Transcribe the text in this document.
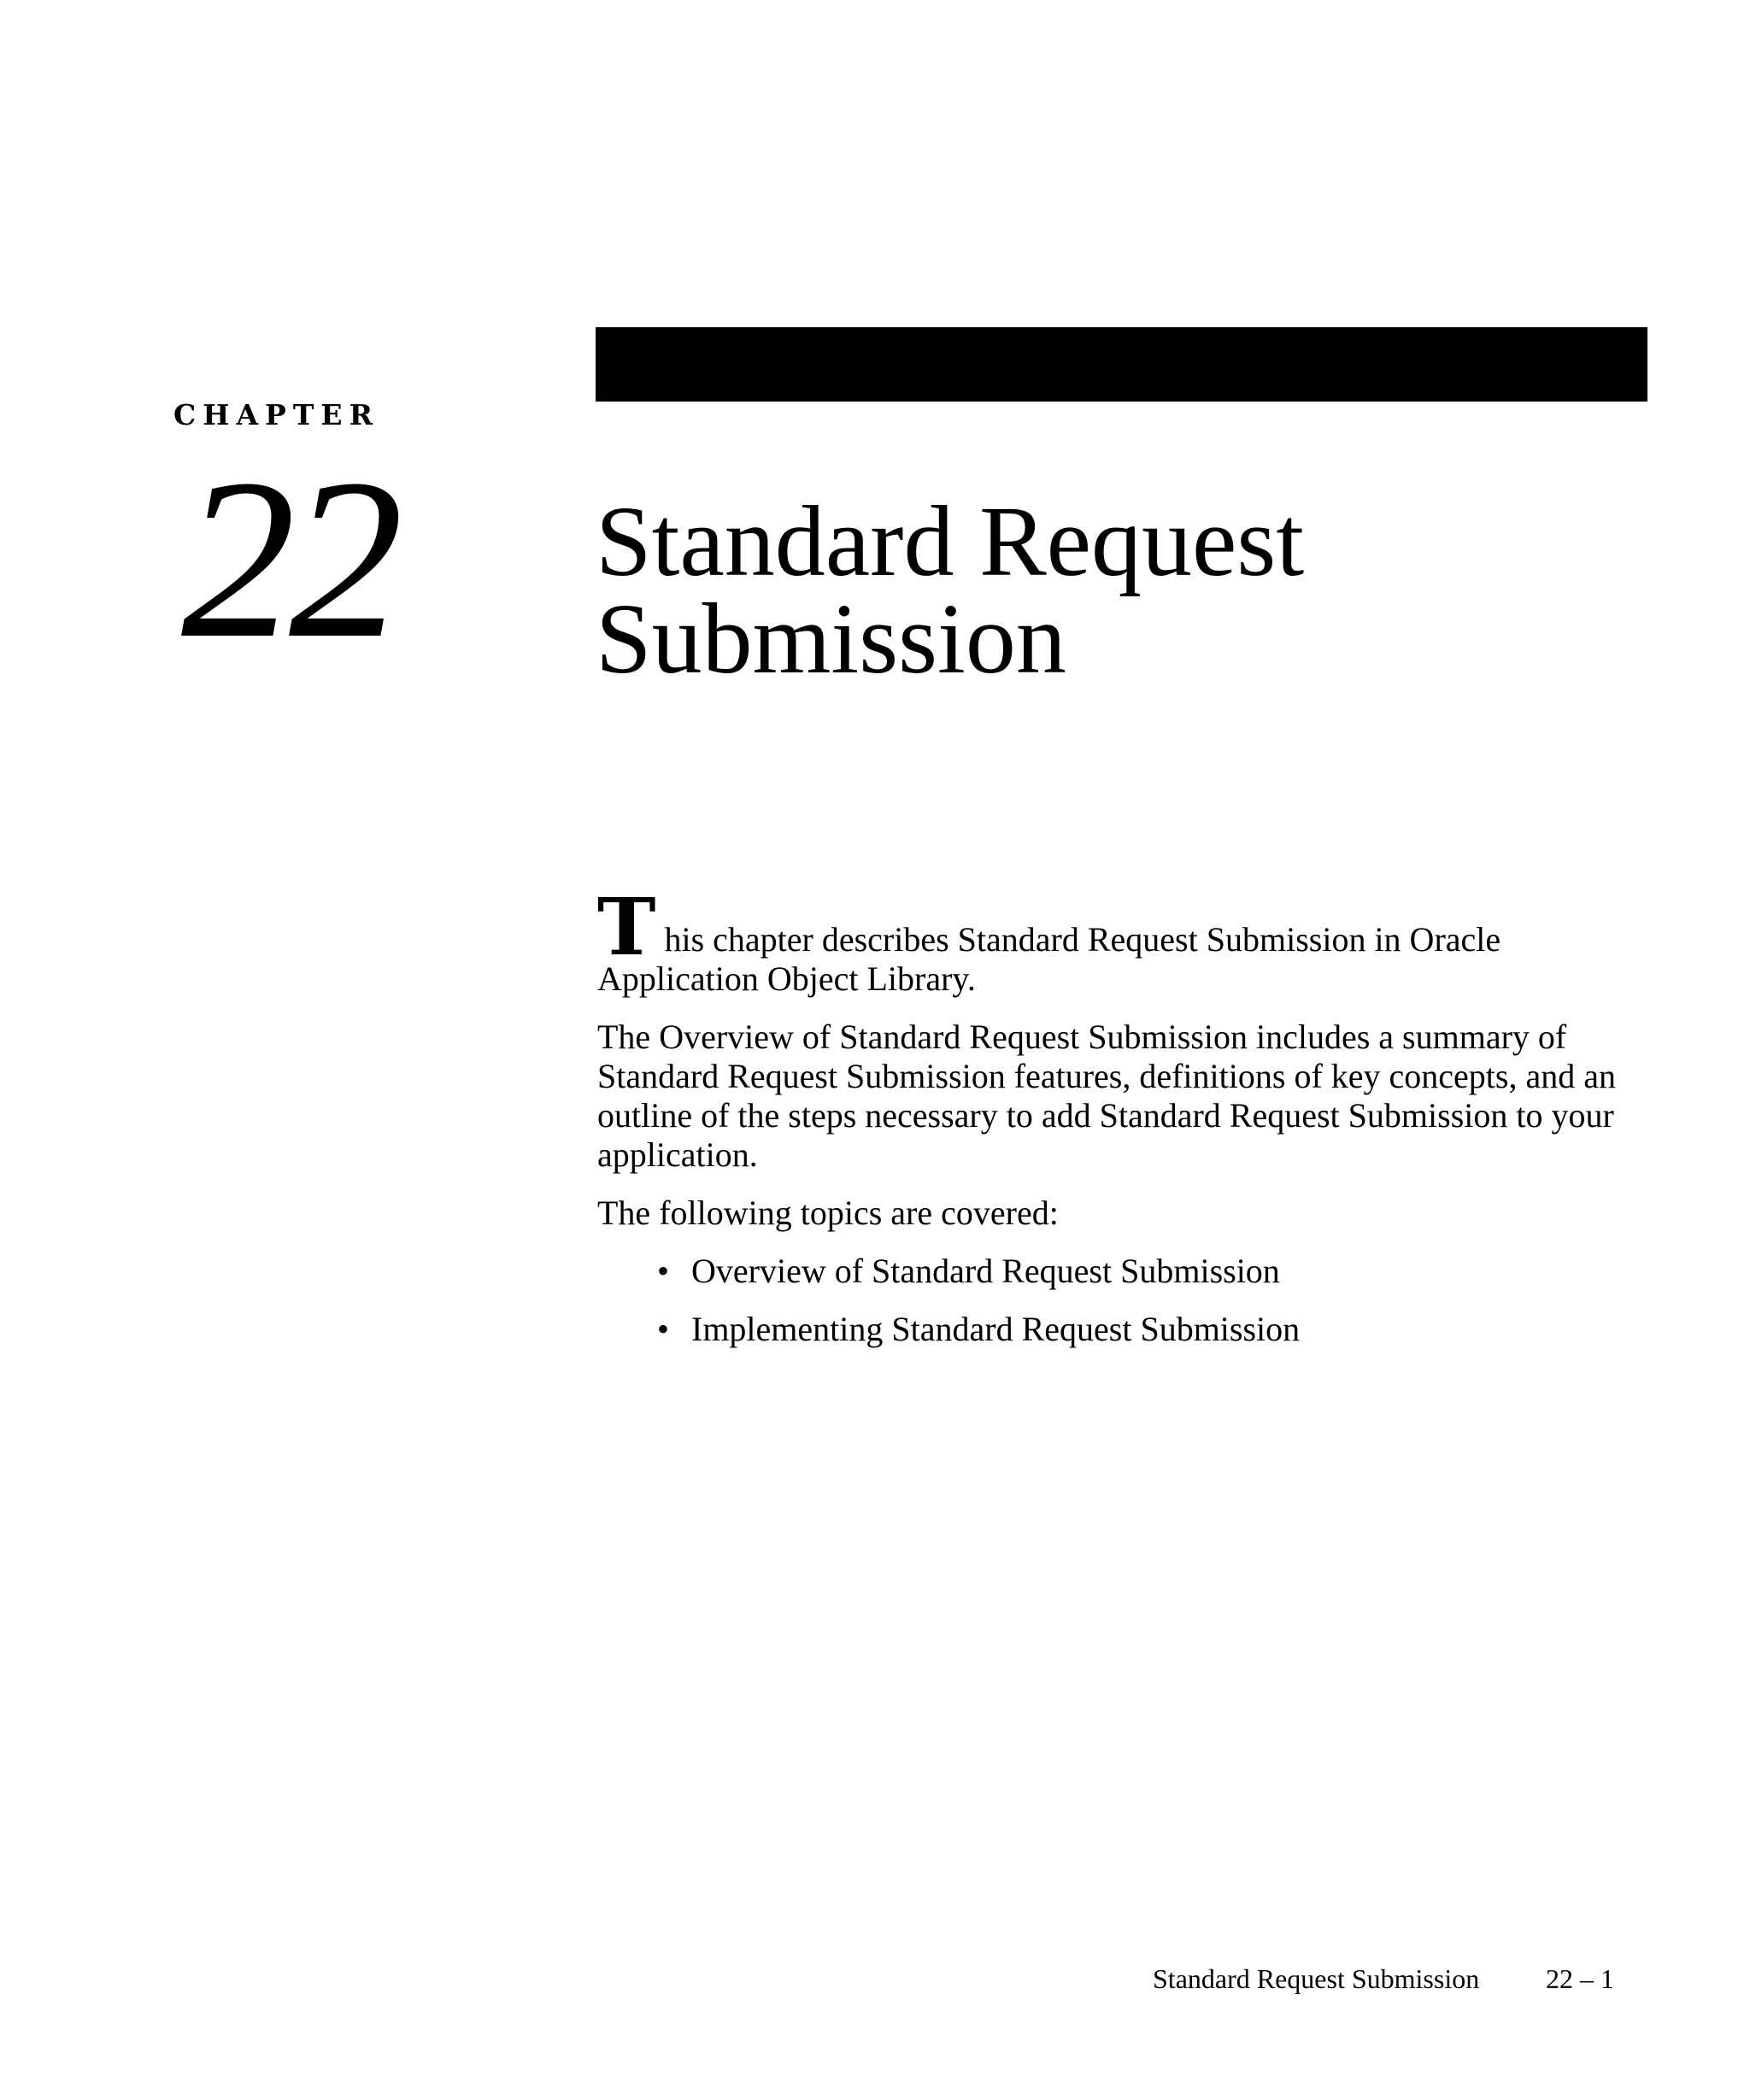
CHAPTER
22 Standard Request
Submission

This chapter describes Standard Request Submission in Oracle Application Object Library.

The Overview of Standard Request Submission includes a summary of Standard Request Submission features, definitions of key concepts, and an outline of the steps necessary to add Standard Request Submission to your application.

The following topics are covered:

• Overview of Standard Request Submission
• Implementing Standard Request Submission
Standard Request Submission 22 – 1
